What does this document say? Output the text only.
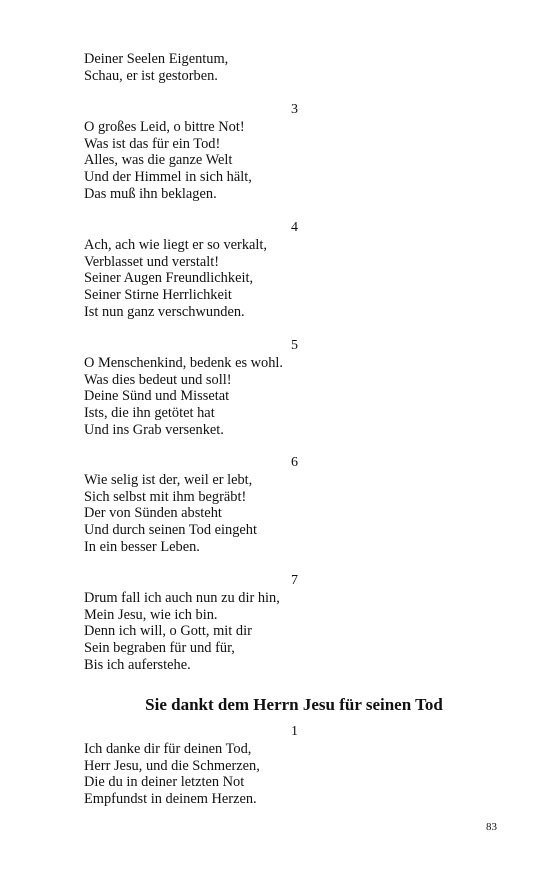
Deiner Seelen Eigentum,
Schau, er ist gestorben.
3
O großes Leid, o bittre Not!
Was ist das für ein Tod!
Alles, was die ganze Welt
Und der Himmel in sich hält,
Das muß ihn beklagen.
4
Ach, ach wie liegt er so verkalt,
Verblasset und verstalt!
Seiner Augen Freundlichkeit,
Seiner Stirne Herrlichkeit
Ist nun ganz verschwunden.
5
O Menschenkind, bedenk es wohl.
Was dies bedeut und soll!
Deine Sünd und Missetat
Ists, die ihn getötet hat
Und ins Grab versenket.
6
Wie selig ist der, weil er lebt,
Sich selbst mit ihm begräbt!
Der von Sünden absteht
Und durch seinen Tod eingeht
In ein besser Leben.
7
Drum fall ich auch nun zu dir hin,
Mein Jesu, wie ich bin.
Denn ich will, o Gott, mit dir
Sein begraben für und für,
Bis ich auferstehe.
Sie dankt dem Herrn Jesu für seinen Tod
1
Ich danke dir für deinen Tod,
Herr Jesu, und die Schmerzen,
Die du in deiner letzten Not
Empfundst in deinem Herzen.
83
